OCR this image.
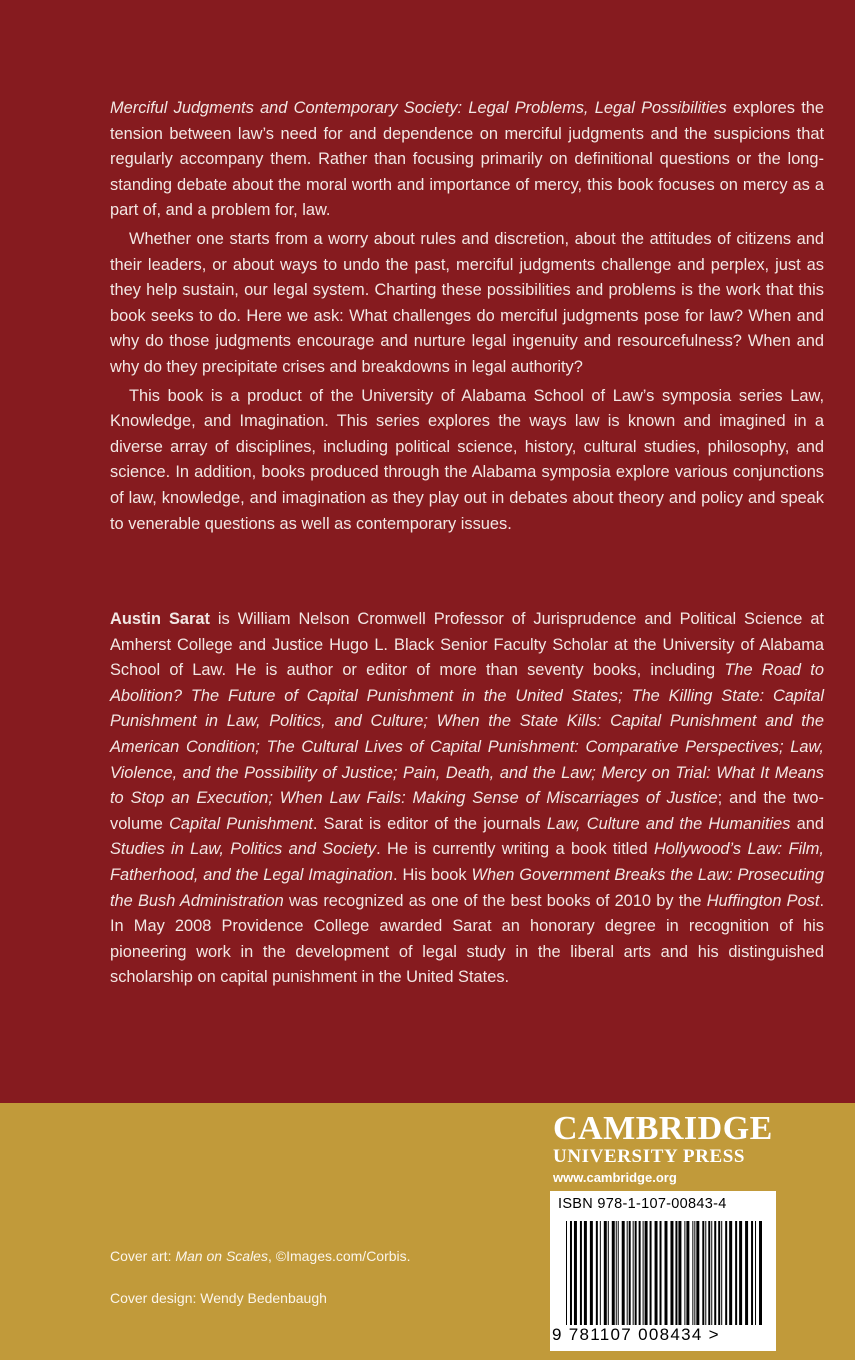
Merciful Judgments and Contemporary Society: Legal Problems, Legal Possibilities explores the tension between law’s need for and dependence on merciful judgments and the suspicions that regularly accompany them. Rather than focusing primarily on definitional questions or the long-standing debate about the moral worth and importance of mercy, this book focuses on mercy as a part of, and a problem for, law.

Whether one starts from a worry about rules and discretion, about the attitudes of citizens and their leaders, or about ways to undo the past, merciful judgments challenge and perplex, just as they help sustain, our legal system. Charting these possibilities and problems is the work that this book seeks to do. Here we ask: What challenges do merciful judgments pose for law? When and why do those judgments encourage and nurture legal ingenuity and resourcefulness? When and why do they precipitate crises and breakdowns in legal authority?

This book is a product of the University of Alabama School of Law’s symposia series Law, Knowledge, and Imagination. This series explores the ways law is known and imagined in a diverse array of disciplines, including political science, history, cultural studies, philosophy, and science. In addition, books produced through the Alabama symposia explore various conjunctions of law, knowledge, and imagination as they play out in debates about theory and policy and speak to venerable questions as well as contemporary issues.

Austin Sarat is William Nelson Cromwell Professor of Jurisprudence and Political Science at Amherst College and Justice Hugo L. Black Senior Faculty Scholar at the University of Alabama School of Law. He is author or editor of more than seventy books, including The Road to Abolition? The Future of Capital Punishment in the United States; The Killing State: Capital Punishment in Law, Politics, and Culture; When the State Kills: Capital Punishment and the American Condition; The Cultural Lives of Capital Punishment: Comparative Perspectives; Law, Violence, and the Possibility of Justice; Pain, Death, and the Law; Mercy on Trial: What It Means to Stop an Execution; When Law Fails: Making Sense of Miscarriages of Justice; and the two-volume Capital Punishment. Sarat is editor of the journals Law, Culture and the Humanities and Studies in Law, Politics and Society. He is currently writing a book titled Hollywood’s Law: Film, Fatherhood, and the Legal Imagination. His book When Government Breaks the Law: Prosecuting the Bush Administration was recognized as one of the best books of 2010 by the Huffington Post. In May 2008 Providence College awarded Sarat an honorary degree in recognition of his pioneering work in the development of legal study in the liberal arts and his distinguished scholarship on capital punishment in the United States.

Cover art: Man on Scales, ©Images.com/Corbis.
Cover design: Wendy Bedenbaugh
CAMBRIDGE
UNIVERSITY PRESS
www.cambridge.org
ISBN 978-1-107-00843-4
9 781107 008434 >
